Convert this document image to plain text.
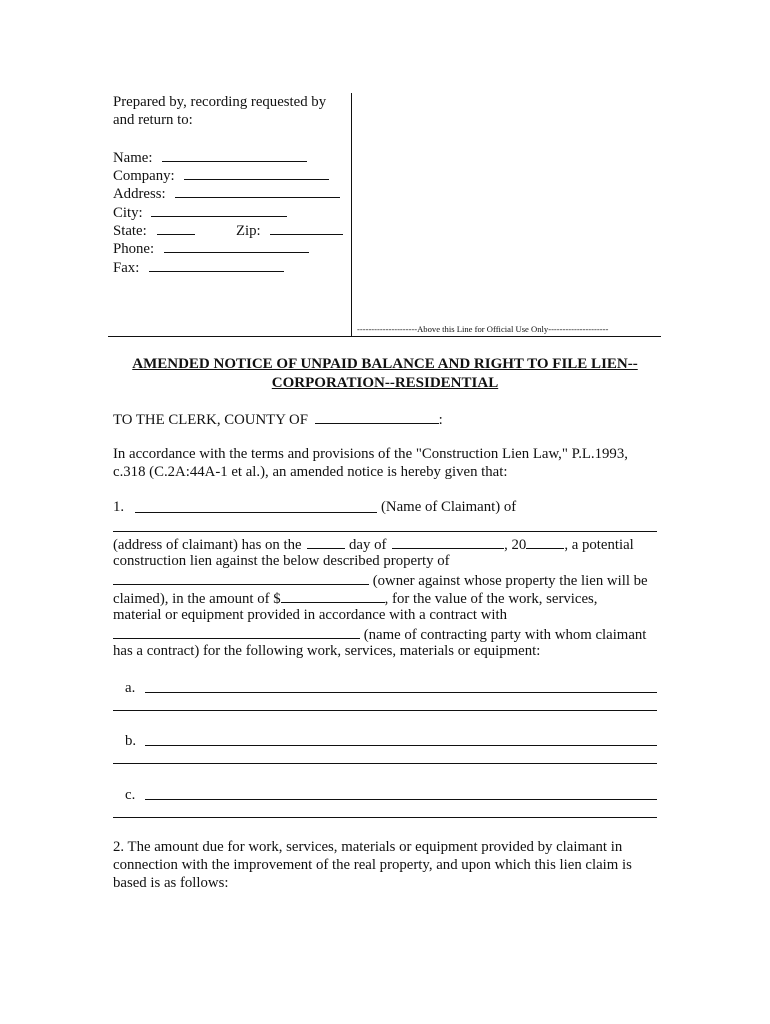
Prepared by, recording requested by
and return to:
Name:
Company:
Address:
City:
State:	Zip:
Phone:
Fax:
---------------------Above this Line for Official Use Only---------------------
AMENDED NOTICE OF UNPAID BALANCE AND RIGHT TO FILE LIEN--
CORPORATION--RESIDENTIAL
TO THE CLERK, COUNTY OF	:
In accordance with the terms and provisions of the "Construction Lien Law," P.L.1993,
c.318 (C.2A:44A-1 et al.), an amended notice is hereby given that:
1.	(Name of Claimant) of
(address of claimant) has on the	day of	, 20	, a potential
construction lien against the below described property of
(owner against whose property the lien will be
claimed), in the amount of $	, for the value of the work, services,
material or equipment provided in accordance with a contract with
(name of contracting party with whom claimant
has a contract) for the following work, services, materials or equipment:
a.
b.
c.
2. The amount due for work, services, materials or equipment provided by claimant in
connection with the improvement of the real property, and upon which this lien claim is
based is as follows:
